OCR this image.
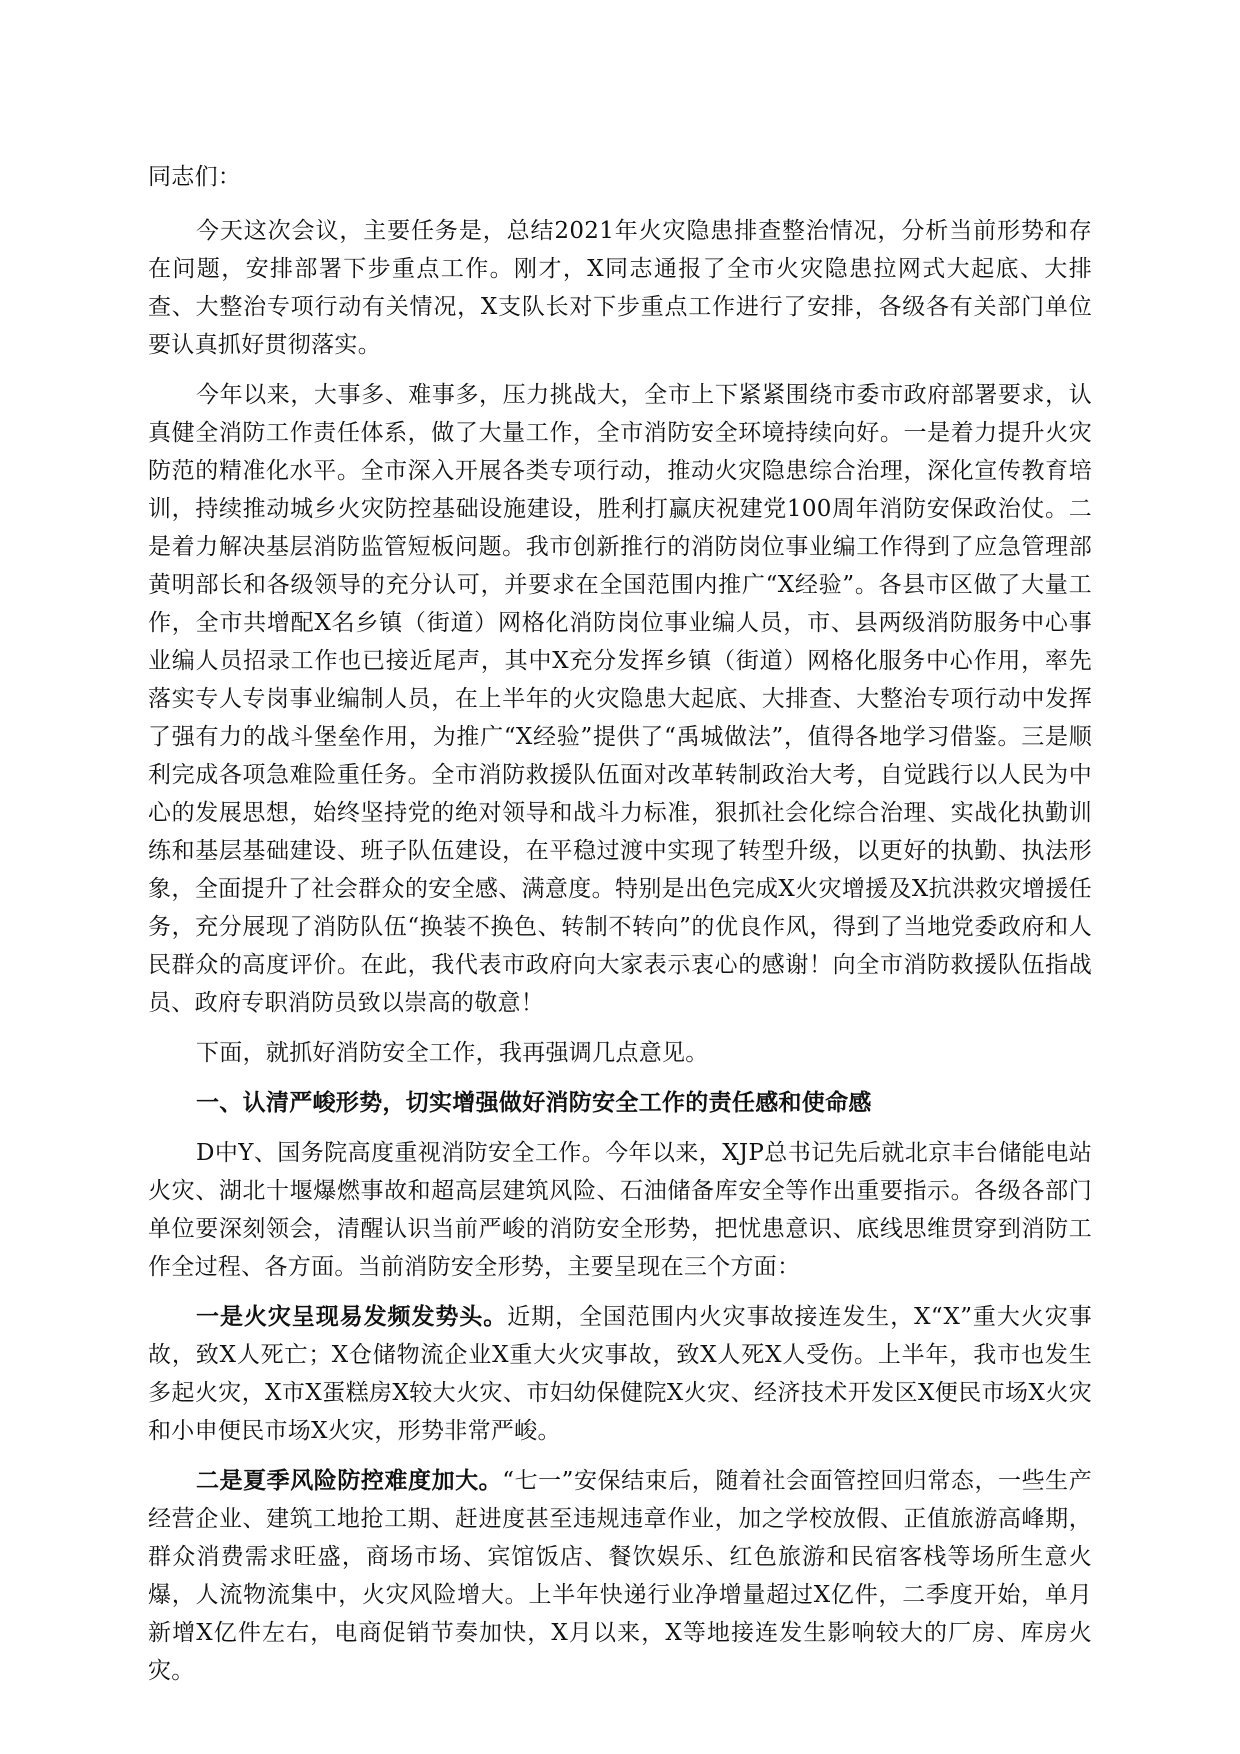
同志们：

今天这次会议，主要任务是，总结2021年火灾隐患排查整治情况，分析当前形势和存在问题，安排部署下步重点工作。刚才，X同志通报了全市火灾隐患拉网式大起底、大排查、大整治专项行动有关情况，X支队长对下步重点工作进行了安排，各级各有关部门单位要认真抓好贯彻落实。

今年以来，大事多、难事多，压力挑战大，全市上下紧紧围绕市委市政府部署要求，认真健全消防工作责任体系，做了大量工作，全市消防安全环境持续向好。一是着力提升火灾防范的精准化水平。全市深入开展各类专项行动，推动火灾隐患综合治理，深化宣传教育培训，持续推动城乡火灾防控基础设施建设，胜利打赢庆祝建党100周年消防安保政治仗。二是着力解决基层消防监管短板问题。我市创新推行的消防岗位事业编工作得到了应急管理部黄明部长和各级领导的充分认可，并要求在全国范围内推广“X经验”。各县市区做了大量工作，全市共增配X名乡镇（街道）网格化消防岗位事业编人员，市、县两级消防服务中心事业编人员招录工作也已接近尾声，其中X充分发挥乡镇（街道）网格化服务中心作用，率先落实专人专岗事业编制人员，在上半年的火灾隐患大起底、大排查、大整治专项行动中发挥了强有力的战斗堡垒作用，为推广“X经验”提供了“禹城做法”，值得各地学习借鉴。三是顺利完成各项急难险重任务。全市消防救援队伍面对改革转制政治大考，自觉践行以人民为中心的发展思想，始终坚持党的绝对领导和战斗力标准，狠抓社会化综合治理、实战化执勤训练和基层基础建设、班子队伍建设，在平稳过渡中实现了转型升级，以更好的执勤、执法形象，全面提升了社会群众的安全感、满意度。特别是出色完成X火灾增援及X抗洪救灾增援任务，充分展现了消防队伍“换装不换色、转制不转向”的优良作风，得到了当地党委政府和人民群众的高度评价。在此，我代表市政府向大家表示衷心的感谢！向全市消防救援队伍指战员、政府专职消防员致以崇高的敬意！

下面，就抓好消防安全工作，我再强调几点意见。

一、认清严峻形势，切实增强做好消防安全工作的责任感和使命感

D中Y、国务院高度重视消防安全工作。今年以来，XJP总书记先后就北京丰台储能电站火灾、湖北十堰爆燃事故和超高层建筑风险、石油储备库安全等作出重要指示。各级各部门单位要深刻领会，清醒认识当前严峻的消防安全形势，把忧患意识、底线思维贯穿到消防工作全过程、各方面。当前消防安全形势，主要呈现在三个方面：

一是火灾呈现易发频发势头。近期，全国范围内火灾事故接连发生，X“X”重大火灾事故，致X人死亡；X仓储物流企业X重大火灾事故，致X人死X人受伤。上半年，我市也发生多起火灾，X市X蛋糕房X较大火灾、市妇幼保健院X火灾、经济技术开发区X便民市场X火灾和小申便民市场X火灾，形势非常严峻。

二是夏季风险防控难度加大。“七一”安保结束后，随着社会面管控回归常态，一些生产经营企业、建筑工地抢工期、赶进度甚至违规违章作业，加之学校放假、正值旅游高峰期，群众消费需求旺盛，商场市场、宾馆饭店、餐饮娱乐、红色旅游和民宿客栈等场所生意火爆，人流物流集中，火灾风险增大。上半年快递行业净增量超过X亿件，二季度开始，单月新增X亿件左右，电商促销节奏加快，X月以来，X等地接连发生影响较大的厂房、库房火灾。
